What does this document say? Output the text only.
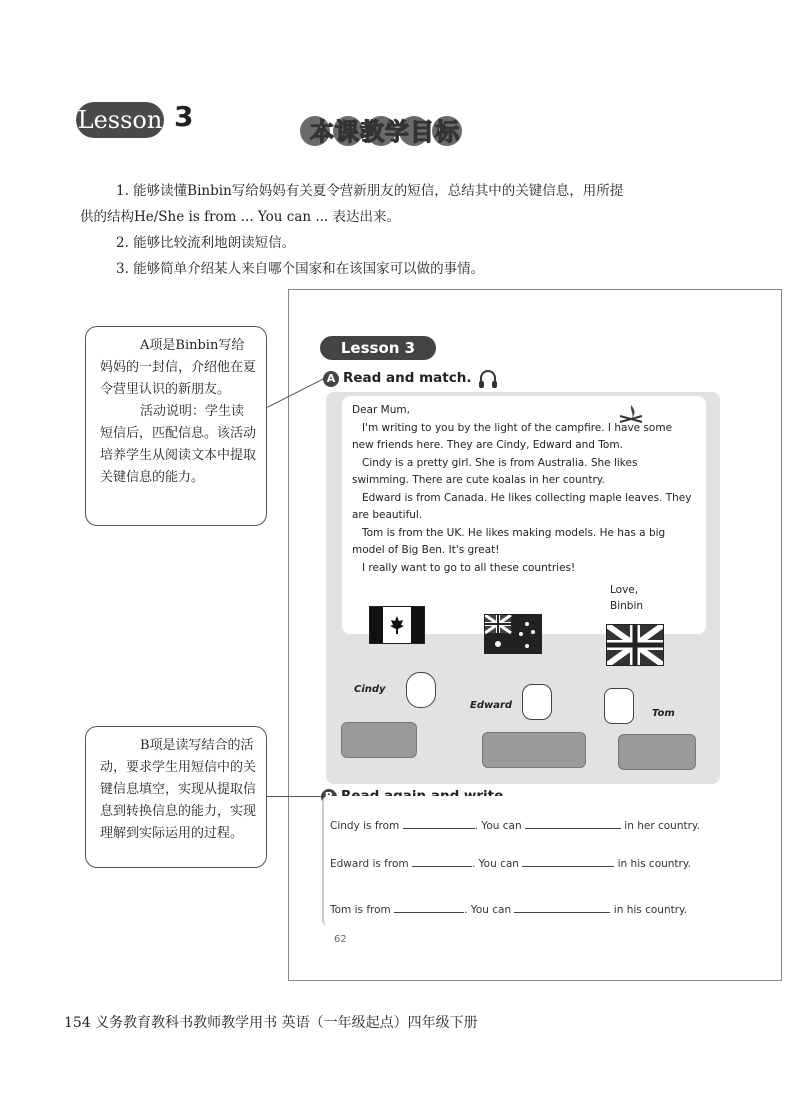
Lesson 3	本课教学目标

1. 能够读懂Binbin写给妈妈有关夏令营新朋友的短信，总结其中的关键信息，用所提

供的结构He/She is from ... You can ... 表达出来。

2. 能够比较流利地朗读短信。

3. 能够简单介绍某人来自哪个国家和在该国家可以做的事情。

A项是Binbin写给妈妈的一封信，介绍他在夏令营里认识的新朋友。

活动说明：学生读短信后，匹配信息。该活动培养学生从阅读文本中提取关键信息的能力。

B项是读写结合的活动，要求学生用短信中的关键信息填空，实现从提取信息到转换信息的能力，实现理解到实际运用的过程。

Lesson 3
A Read and match.

Dear Mum,

I'm writing to you by the light of the campfire. I have some new friends here. They are Cindy, Edward and Tom.

Cindy is a pretty girl. She is from Australia. She likes swimming. There are cute koalas in her country.

Edward is from Canada. He likes collecting maple leaves. They are beautiful.

Tom is from the UK. He likes making models. He has a big model of Big Ben. It's great!

I really want to go to all these countries!

Love,
Binbin
Cindy
Edward
Tom
Cindy is from	. You can	in her country.
Edward is from	. You can	in his country.
Tom is from	. You can	in his country.
62
154 义务教育教科书教师教学用书 英语（一年级起点）四年级下册
